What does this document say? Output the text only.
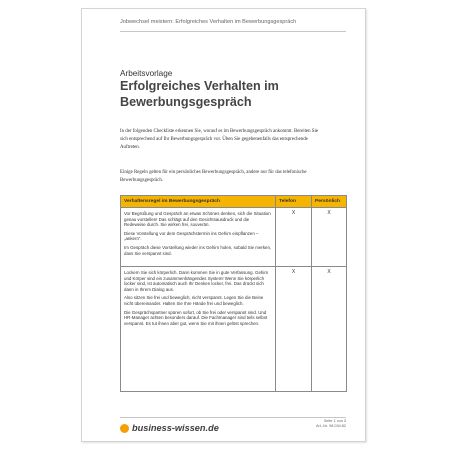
Jobwechsel meistern: Erfolgreiches Verhalten im Bewerbungsgespräch
Arbeitsvorlage
Erfolgreiches Verhalten im Bewerbungsgespräch
In der folgenden Checkliste erkennen Sie, worauf es im Bewerbungsgespräch ankommt. Bereiten Sie sich entsprechend auf Ihr Bewerbungsgespräch vor. Üben Sie gegebenenfalls das entsprechende Auftreten.
Einige Regeln gelten für ein persönliches Bewerbungsgespräch, andere nur für das telefonische Bewerbungsgespräch.
Verhaltensregel im Bewerbungsgespräch	Telefon	Persönlich

Vor Begrüßung und Gespräch an etwas Schönes denken, sich die Situation genau vorstellen! Das schlägt auf den Gesichtsausdruck und die Redeweise durch. Sie wirken frei, souverän.

Diese Vorstellung vor dem Gesprächstermin ins Gehirn einpflanzen – „ankern“.

Im Gespräch diese Vorstellung wieder ins Gehirn holen, sobald Sie merken, dass Sie verspannt sind.	X	X

Lockern Sie sich körperlich. Dann kommen Sie in gute Verfassung. Gehirn und Körper sind ein zusammenhängendes System! Wenn Sie körperlich locker sind, ist automatisch auch Ihr Denken locker, frei. Das drückt sich dann in Ihrem Dialog aus.

Also sitzen Sie frei und beweglich, nicht verspannt. Legen Sie die Beine nicht übereinander. Halten Sie Ihre Hände frei und beweglich.

Die Gesprächspartner spüren sofort, ob Sie frei oder verspannt sind. Und HR-Manager achten besonders darauf. Die Fachmanager sind teils selbst verspannt. Es tut ihnen aber gut, wenn Sie mit ihnen gelöst sprechen.	X	X
business-wissen.de
Seite 1 von 3
Art.-Nr. 98.034.82
